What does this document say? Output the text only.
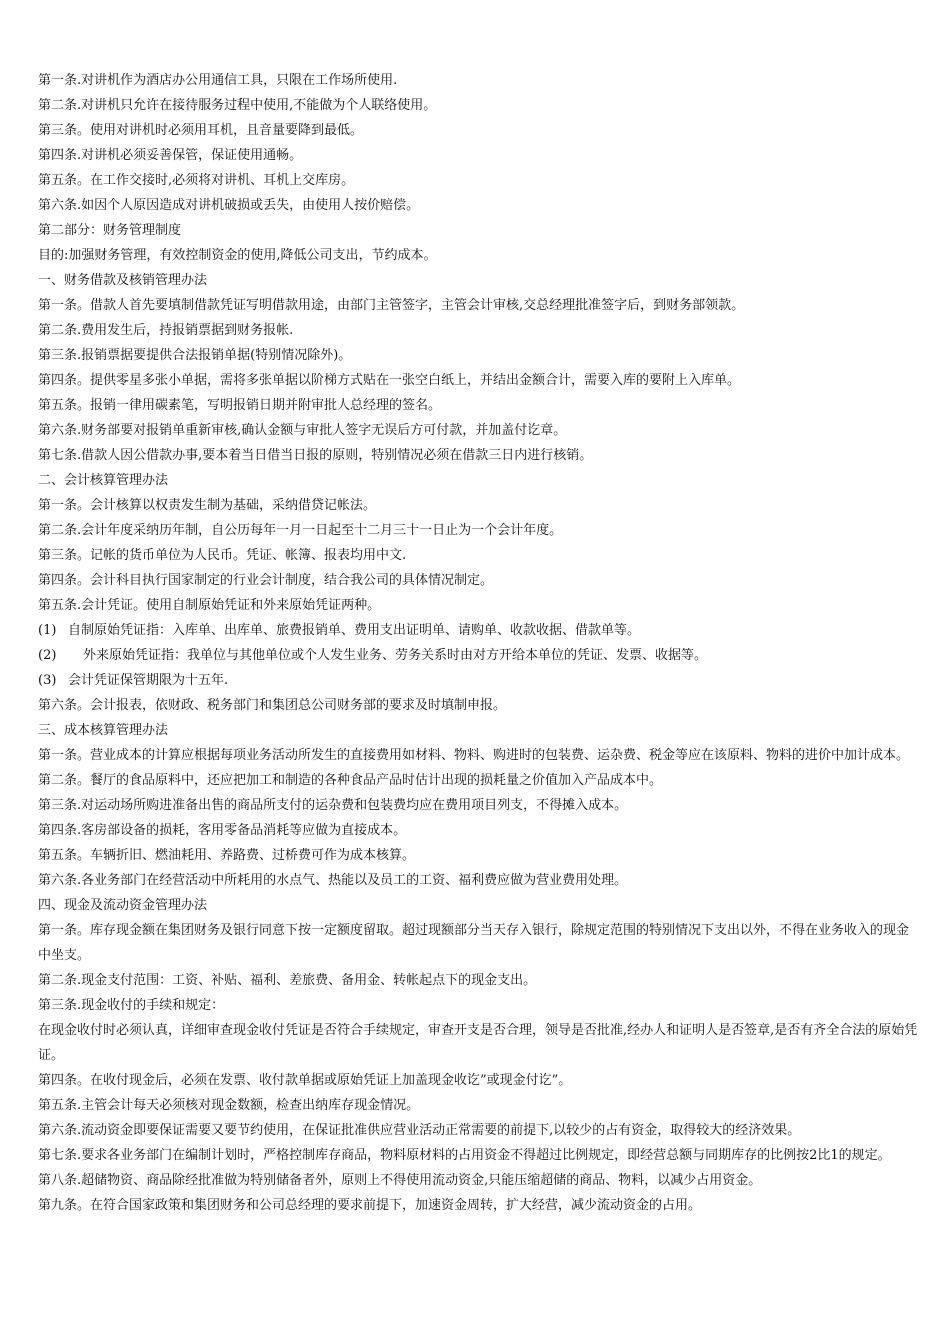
第一条.对讲机作为酒店办公用通信工具，只限在工作场所使用.
第二条.对讲机只允许在接待服务过程中使用,不能做为个人联络使用。
第三条。使用对讲机时必须用耳机，且音量要降到最低。
第四条.对讲机必须妥善保管，保证使用通畅。
第五条。在工作交接时,必须将对讲机、耳机上交库房。
第六条.如因个人原因造成对讲机破损或丢失，由使用人按价赔偿。
第二部分：财务管理制度
目的:加强财务管理，有效控制资金的使用,降低公司支出，节约成本。
一、财务借款及核销管理办法
第一条。借款人首先要填制借款凭证写明借款用途，由部门主管签字，主管会计审核,交总经理批准签字后，到财务部领款。
第二条.费用发生后，持报销票据到财务报帐.
第三条.报销票据要提供合法报销单据(特别情况除外)。
第四条。提供零星多张小单据，需将多张单据以阶梯方式贴在一张空白纸上，并结出金额合计，需要入库的要附上入库单。
第五条。报销一律用碳素笔，写明报销日期并附审批人总经理的签名。
第六条.财务部要对报销单重新审核,确认金额与审批人签字无误后方可付款，并加盖付讫章。
第七条.借款人因公借款办事,要本着当日借当日报的原则，特别情况必须在借款三日内进行核销。
二、会计核算管理办法
第一条。会计核算以权责发生制为基础，采纳借贷记帐法。
第二条.会计年度采纳历年制，自公历每年一月一日起至十二月三十一日止为一个会计年度。
第三条。记帐的货币单位为人民币。凭证、帐簿、报表均用中文.
第四条。会计科目执行国家制定的行业会计制度，结合我公司的具体情况制定。
第五条.会计凭证。使用自制原始凭证和外来原始凭证两种。
(1) 自制原始凭证指：入库单、出库单、旅费报销单、费用支出证明单、请购单、收款收据、借款单等。
(2)	外来原始凭证指：我单位与其他单位或个人发生业务、劳务关系时由对方开给本单位的凭证、发票、收据等。
(3) 会计凭证保管期限为十五年.
第六条。会计报表，依财政、税务部门和集团总公司财务部的要求及时填制申报。
三、成本核算管理办法
第一条。营业成本的计算应根据每项业务活动所发生的直接费用如材料、物料、购进时的包装费、运杂费、税金等应在该原料、物料的进价中加计成本。
第二条。餐厅的食品原料中，还应把加工和制造的各种食品产品时估计出现的损耗量之价值加入产品成本中。
第三条.对运动场所购进准备出售的商品所支付的运杂费和包装费均应在费用项目列支，不得摊入成本。
第四条.客房部设备的损耗，客用零备品消耗等应做为直接成本。
第五条。车辆折旧、燃油耗用、养路费、过桥费可作为成本核算。
第六条.各业务部门在经营活动中所耗用的水点气、热能以及员工的工资、福利费应做为营业费用处理。
四、现金及流动资金管理办法
第一条。库存现金额在集团财务及银行同意下按一定额度留取。超过现额部分当天存入银行，除规定范围的特别情况下支出以外，不得在业务收入的现金中坐支。
第二条.现金支付范围：工资、补贴、福利、差旅费、备用金、转帐起点下的现金支出。
第三条.现金收付的手续和规定：
在现金收付时必须认真，详细审查现金收付凭证是否符合手续规定，审查开支是否合理，领导是否批准,经办人和证明人是否签章,是否有齐全合法的原始凭证。
第四条。在收付现金后，必须在发票、收付款单据或原始凭证上加盖现金收讫”或现金付讫”。
第五条.主管会计每天必须核对现金数额，检查出纳库存现金情况。
第六条.流动资金即要保证需要又要节约使用，在保证批准供应营业活动正常需要的前提下,以较少的占有资金，取得较大的经济效果。
第七条.要求各业务部门在编制计划时，严格控制库存商品，物料原材料的占用资金不得超过比例规定，即经营总额与同期库存的比例按2比1的规定。
第八条.超储物资、商品除经批准做为特别储备者外，原则上不得使用流动资金,只能压缩超储的商品、物料，以减少占用资金。
第九条。在符合国家政策和集团财务和公司总经理的要求前提下，加速资金周转，扩大经营，减少流动资金的占用。
